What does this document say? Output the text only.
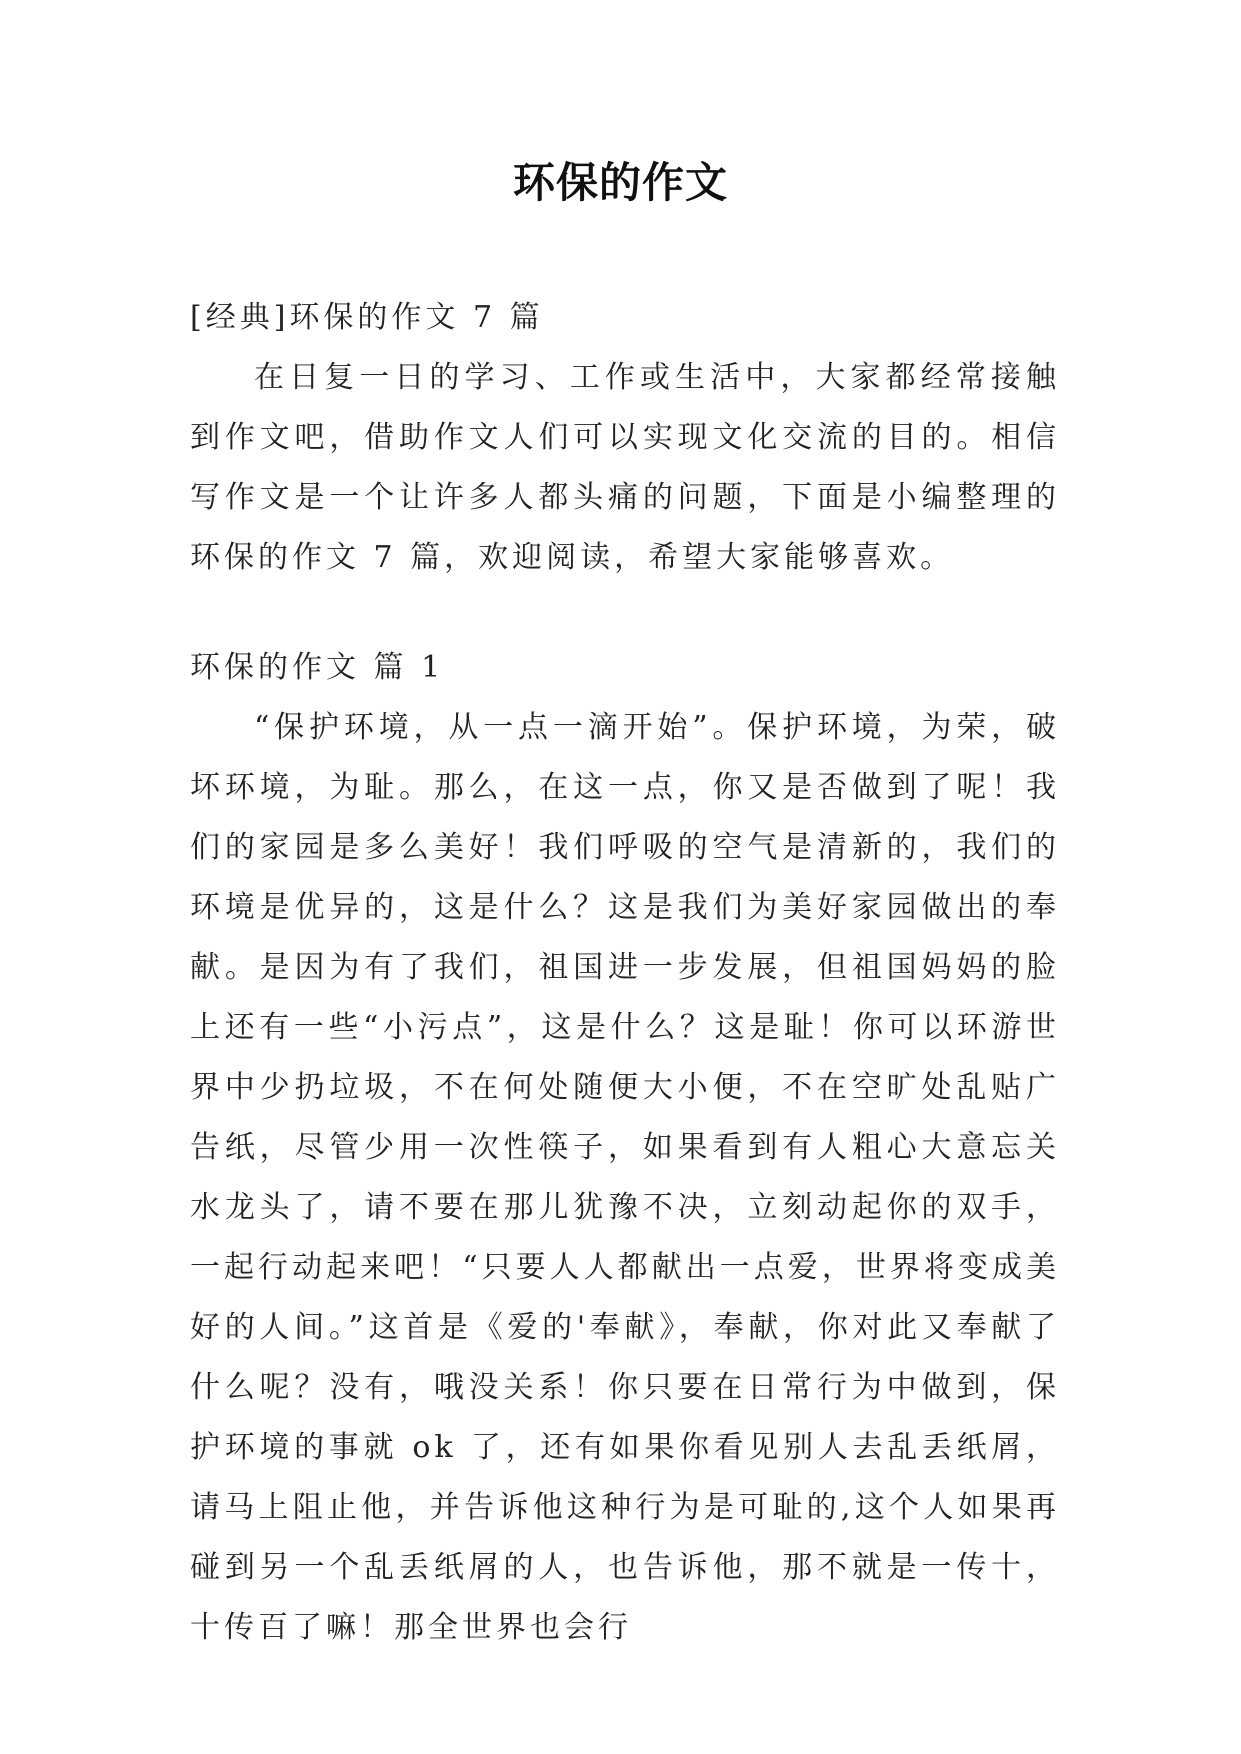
环保的作文

[经典]环保的作文 7 篇

在日复一日的学习、工作或生活中，大家都经常接触到作文吧，借助作文人们可以实现文化交流的目的。相信写作文是一个让许多人都头痛的问题，下面是小编整理的环保的作文 7 篇，欢迎阅读，希望大家能够喜欢。

环保的作文 篇 1

“保护环境，从一点一滴开始”。保护环境，为荣，破坏环境，为耻。那么，在这一点，你又是否做到了呢！我们的家园是多么美好！我们呼吸的空气是清新的，我们的环境是优异的，这是什么？这是我们为美好家园做出的奉献。是因为有了我们，祖国进一步发展，但祖国妈妈的脸上还有一些“小污点”，这是什么？这是耻！你可以环游世界中少扔垃圾，不在何处随便大小便，不在空旷处乱贴广告纸，尽管少用一次性筷子，如果看到有人粗心大意忘关水龙头了，请不要在那儿犹豫不决，立刻动起你的双手，一起行动起来吧！“只要人人都献出一点爱，世界将变成美好的人间。”这首是《爱的'奉献》，奉献，你对此又奉献了什么呢？没有，哦没关系！你只要在日常行为中做到，保护环境的事就 ok 了，还有如果你看见别人去乱丢纸屑，请马上阻止他，并告诉他这种行为是可耻的,这个人如果再碰到另一个乱丢纸屑的人，也告诉他，那不就是一传十，十传百了嘛！那全世界也会行
